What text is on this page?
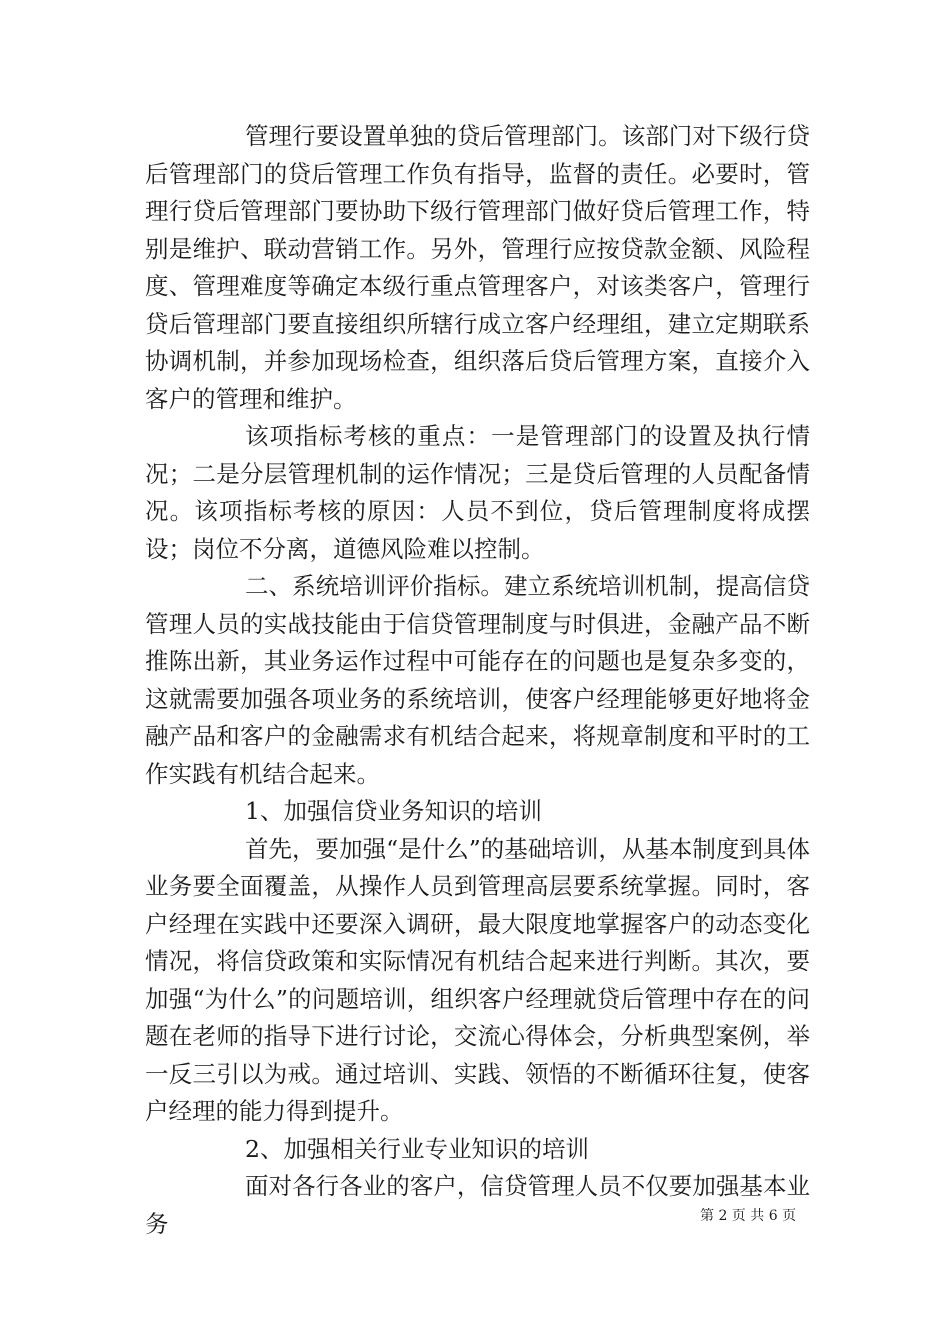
管理行要设置单独的贷后管理部门。该部门对下级行贷后管理部门的贷后管理工作负有指导，监督的责任。必要时，管理行贷后管理部门要协助下级行管理部门做好贷后管理工作，特别是维护、联动营销工作。另外，管理行应按贷款金额、风险程度、管理难度等确定本级行重点管理客户，对该类客户，管理行贷后管理部门要直接组织所辖行成立客户经理组，建立定期联系协调机制，并参加现场检查，组织落后贷后管理方案，直接介入客户的管理和维护。

该项指标考核的重点：一是管理部门的设置及执行情况；二是分层管理机制的运作情况；三是贷后管理的人员配备情况。该项指标考核的原因：人员不到位，贷后管理制度将成摆设；岗位不分离，道德风险难以控制。

二、系统培训评价指标。建立系统培训机制，提高信贷管理人员的实战技能由于信贷管理制度与时俱进，金融产品不断推陈出新，其业务运作过程中可能存在的问题也是复杂多变的，这就需要加强各项业务的系统培训，使客户经理能够更好地将金融产品和客户的金融需求有机结合起来，将规章制度和平时的工作实践有机结合起来。

1、加强信贷业务知识的培训

首先，要加强“是什么”的基础培训，从基本制度到具体业务要全面覆盖，从操作人员到管理高层要系统掌握。同时，客户经理在实践中还要深入调研，最大限度地掌握客户的动态变化情况，将信贷政策和实际情况有机结合起来进行判断。其次，要加强“为什么”的问题培训，组织客户经理就贷后管理中存在的问题在老师的指导下进行讨论，交流心得体会，分析典型案例，举一反三引以为戒。通过培训、实践、领悟的不断循环往复，使客户经理的能力得到提升。

2、加强相关行业专业知识的培训

面对各行各业的客户，信贷管理人员不仅要加强基本业务	第 2 页 共 6 页
